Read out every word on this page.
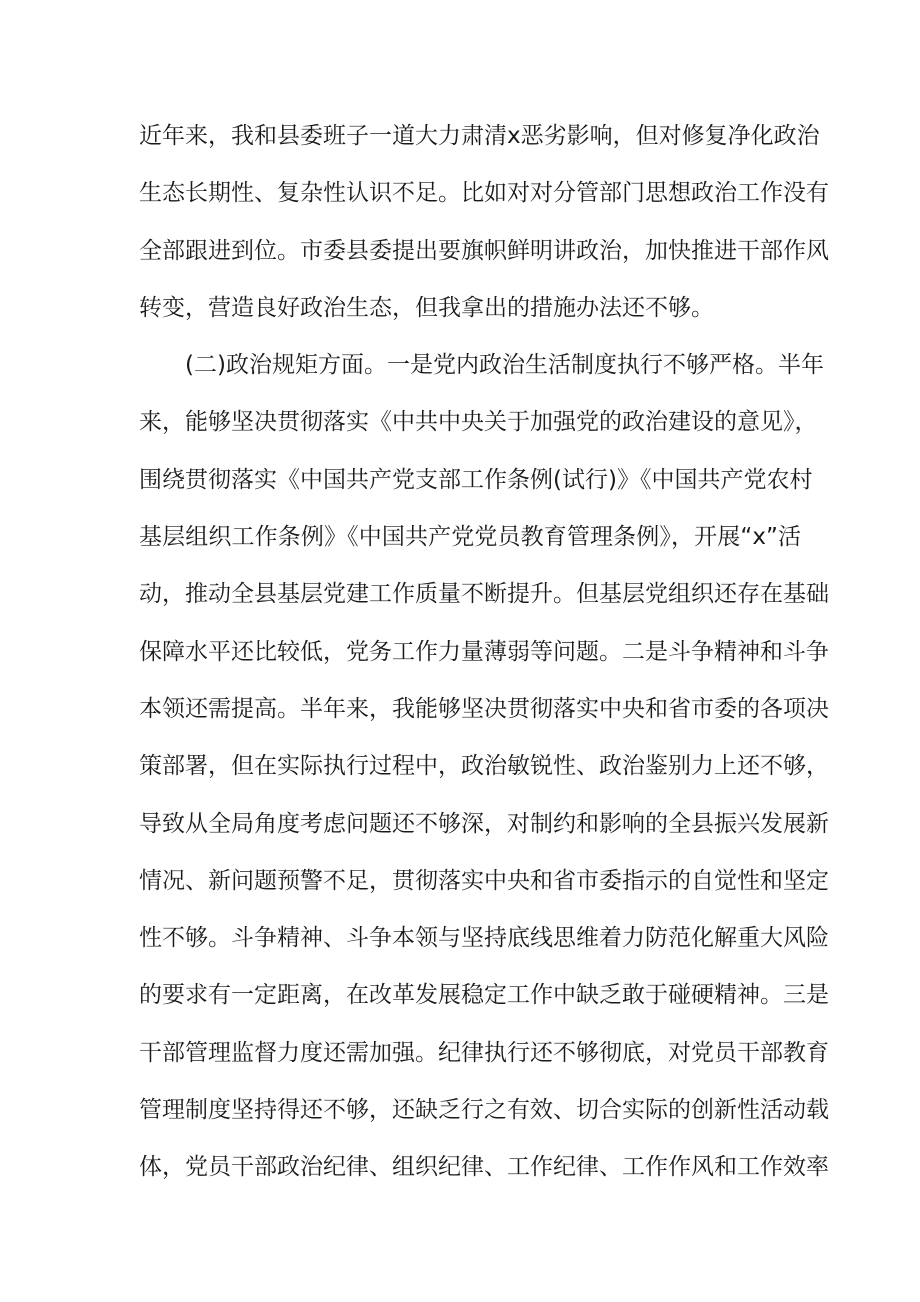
近年来，我和县委班子一道大力肃清x恶劣影响，但对修复净化政治
生态长期性、复杂性认识不足。比如对对分管部门思想政治工作没有
全部跟进到位。市委县委提出要旗帜鲜明讲政治，加快推进干部作风
转变，营造良好政治生态，但我拿出的措施办法还不够。
(二)政治规矩方面。一是党内政治生活制度执行不够严格。半年
来，能够坚决贯彻落实《中共中央关于加强党的政治建设的意见》，
围绕贯彻落实《中国共产党支部工作条例(试行)》《中国共产党农村
基层组织工作条例》《中国共产党党员教育管理条例》，开展“x”活
动，推动全县基层党建工作质量不断提升。但基层党组织还存在基础
保障水平还比较低，党务工作力量薄弱等问题。二是斗争精神和斗争
本领还需提高。半年来，我能够坚决贯彻落实中央和省市委的各项决
策部署，但在实际执行过程中，政治敏锐性、政治鉴别力上还不够，
导致从全局角度考虑问题还不够深，对制约和影响的全县振兴发展新
情况、新问题预警不足，贯彻落实中央和省市委指示的自觉性和坚定
性不够。斗争精神、斗争本领与坚持底线思维着力防范化解重大风险
的要求有一定距离，在改革发展稳定工作中缺乏敢于碰硬精神。三是
干部管理监督力度还需加强。纪律执行还不够彻底，对党员干部教育
管理制度坚持得还不够，还缺乏行之有效、切合实际的创新性活动载
体，党员干部政治纪律、组织纪律、工作纪律、工作作风和工作效率
